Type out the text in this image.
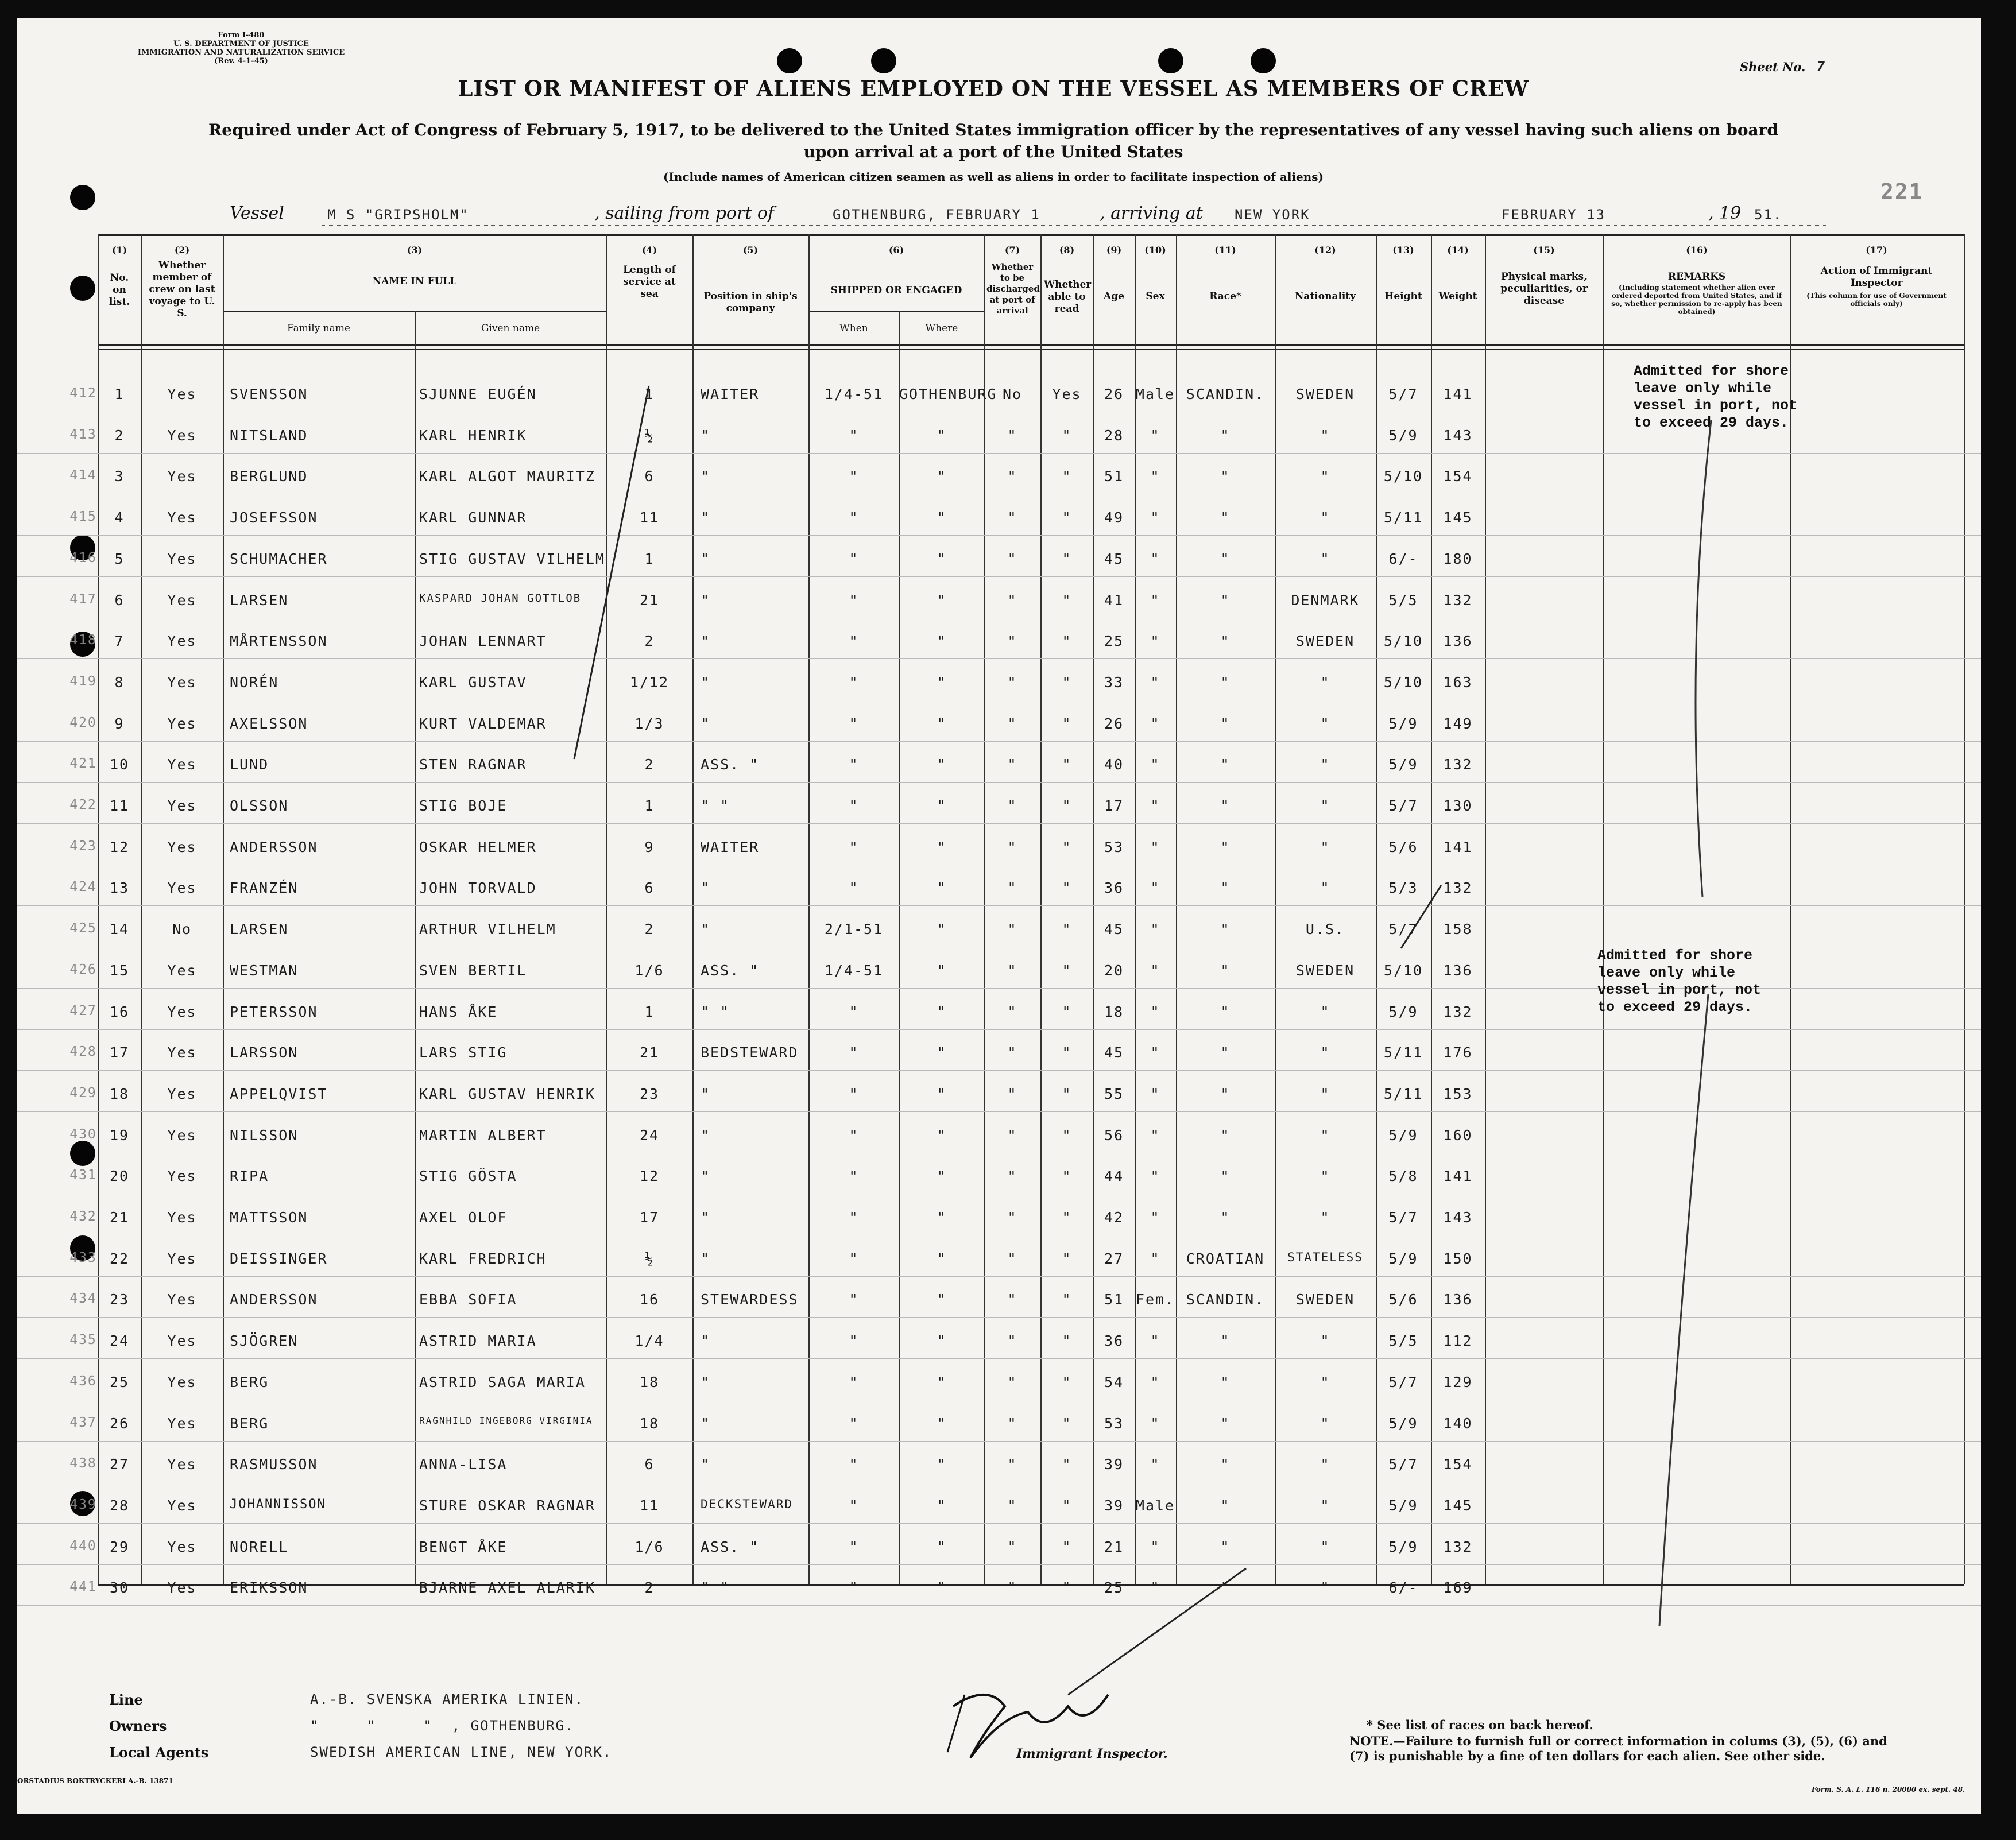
Form I-480
U. S. DEPARTMENT OF JUSTICE
IMMIGRATION AND NATURALIZATION SERVICE
(Rev. 4-1-45)	Sheet No. 7
221
LIST OR MANIFEST OF ALIENS EMPLOYED ON THE VESSEL AS MEMBERS OF CREW
Required under Act of Congress of February 5, 1917, to be delivered to the United States immigration officer by the representatives of any vessel having such aliens on board
upon arrival at a port of the United States
(Include names of American citizen seamen as well as aliens in order to facilitate inspection of aliens)
Vessel	M S "GRIPSHOLM"	, sailing from port of	GOTHENBURG, FEBRUARY 1	, arriving at NEW YORK	FEBRUARY 13	, 19 51.
(1)
No. on list.
(2)
Whether member of crew on last voyage to U. S.
(3)
NAME IN FULL
Family name	Given name
(4)
Length of service at sea
(5)
Position in ship's company
(6)
SHIPPED OR ENGAGED
When	Where
(7)
Whether to be discharged at port of arrival
(8)
Whether able to read
(9)
Age
(10)
Sex
(11)
Race*
(12)
Nationality
(13)
Height
(14)
Weight
(15)
Physical marks, peculiarities, or disease
(16)
REMARKS
(Including statement whether alien ever ordered deported from United States, and if so, whether permission to re-apply has been obtained)
(17)
Action of Immigrant Inspector
(This column for use of Government officials only)
412	1	Yes	SVENSSON	SJUNNE EUGÉN	1	WAITER	1/4-51	GOTHENBURG No	Yes	26 Male SCANDIN.	SWEDEN	5/7	141
413	2	Yes	NITSLAND	KARL HENRIK	½	"	"	"	"	"	28	"	"	"	5/9	143
414	3	Yes	BERGLUND	KARL ALGOT MAURITZ	6	"	"	"	"	"	51	"	"	"	5/10	154
415	4	Yes	JOSEFSSON	KARL GUNNAR	11	"	"	"	"	"	49	"	"	"	5/11	145
416	5	Yes	SCHUMACHER	STIG GUSTAV VILHELM	1	"	"	"	"	"	45	"	"	"	6/-	180
417	6	Yes	LARSEN	KASPARD JOHAN GOTTLOB	21	"	"	"	"	"	41	"	"	DENMARK	5/5	132
418	7	Yes	MÅRTENSSON	JOHAN LENNART	2	"	"	"	"	"	25	"	"	SWEDEN	5/10	136
419	8	Yes	NORÉN	KARL GUSTAV	1/12	"	"	"	"	"	33	"	"	"	5/10	163
420	9	Yes	AXELSSON	KURT VALDEMAR	1/3	"	"	"	"	"	26	"	"	"	5/9	149
421 10	Yes	LUND	STEN RAGNAR	2	ASS. "	"	"	"	"	40	"	"	"	5/9	132
422 11	Yes	OLSSON	STIG BOJE	1	" "	"	"	"	"	17	"	"	"	5/7	130
423 12	Yes	ANDERSSON	OSKAR HELMER	9	WAITER	"	"	"	"	53	"	"	"	5/6	141
424 13	Yes	FRANZÉN	JOHN TORVALD	6	"	"	"	"	"	36	"	"	"	5/3	132
425 14	No	LARSEN	ARTHUR VILHELM	2	"	2/1-51	"	"	"	45	"	"	U.S.	5/7	158
426 15	Yes	WESTMAN	SVEN BERTIL	1/6	ASS. "	1/4-51	"	"	"	20	"	"	SWEDEN	5/10	136
427 16	Yes	PETERSSON	HANS ÅKE	1	" "	"	"	"	"	18	"	"	"	5/9	132
428 17	Yes	LARSSON	LARS STIG	21	BEDSTEWARD	"	"	"	"	45	"	"	"	5/11	176
429 18	Yes	APPELQVIST	KARL GUSTAV HENRIK	23	"	"	"	"	"	55	"	"	"	5/11	153
430 19	Yes	NILSSON	MARTIN ALBERT	24	"	"	"	"	"	56	"	"	"	5/9	160
431 20	Yes	RIPA	STIG GÖSTA	12	"	"	"	"	"	44	"	"	"	5/8	141
432 21	Yes	MATTSSON	AXEL OLOF	17	"	"	"	"	"	42	"	"	"	5/7	143
433 22	Yes	DEISSINGER	KARL FREDRICH	½	"	"	"	"	"	27	"	CROATIAN	STATELESS	5/9	150
434 23	Yes	ANDERSSON	EBBA SOFIA	16	STEWARDESS	"	"	"	"	51 Fem. SCANDIN.	SWEDEN	5/6	136
435 24	Yes	SJÖGREN	ASTRID MARIA	1/4	"	"	"	"	"	36	"	"	"	5/5	112
436 25	Yes	BERG	ASTRID SAGA MARIA	18	"	"	"	"	"	54	"	"	"	5/7	129
437 26	Yes	BERG	RAGNHILD INGEBORG VIRGINIA	18	"	"	"	"	"	53	"	"	"	5/9	140
438 27	Yes	RASMUSSON	ANNA-LISA	6	"	"	"	"	"	39	"	"	"	5/7	154
439 28	Yes	JOHANNISSON	STURE OSKAR RAGNAR	11	DECKSTEWARD	"	"	"	"	39 Male	"	"	5/9	145
440 29	Yes	NORELL	BENGT ÅKE	1/6	ASS. "	"	"	"	"	21	"	"	"	5/9	132
441 30	Yes	ERIKSSON	BJARNE AXEL ALARIK	2	" "	"	"	"	"	25	"	"	"	6/-	169
Admitted for shore leave only while vessel in port, not to exceed 29 days.
Admitted for shore leave only while vessel in port, not to exceed 29 days.
Line	A.-B. SVENSKA AMERIKA LINIEN.
Owners	"     "     "  , GOTHENBURG.
Local Agents	SWEDISH AMERICAN LINE, NEW YORK.	Immigrant Inspector.
* See list of races on back hereof.
NOTE.—Failure to furnish full or correct information in colums (3), (5), (6) and (7) is punishable by a fine of ten dollars for each alien. See other side.
ORSTADIUS BOKTRYCKERI A.-B. 13871
Form. S. A. L. 116 n. 20000 ex. sept. 48.
